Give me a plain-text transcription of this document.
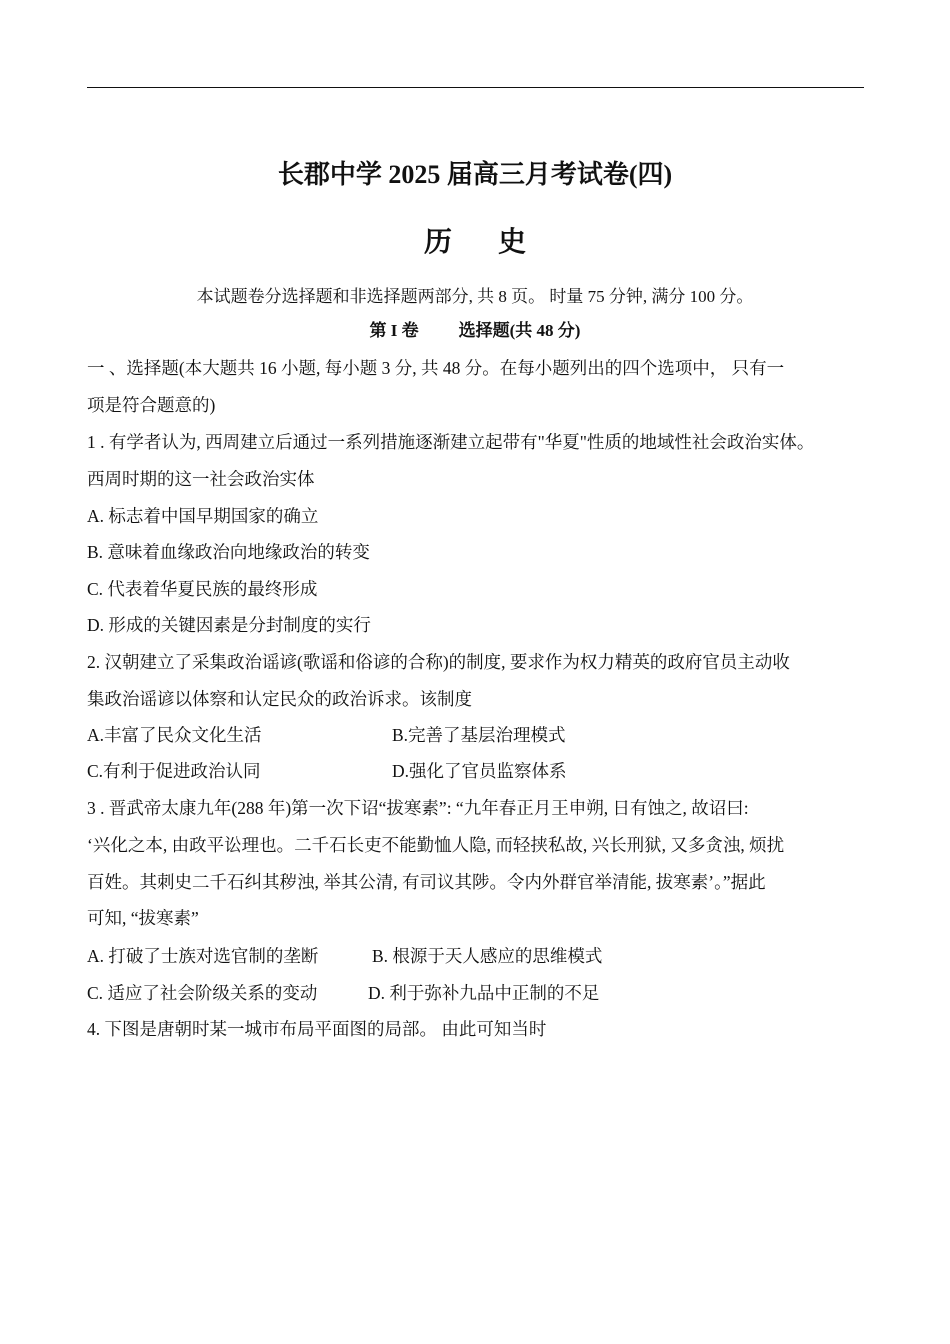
长郡中学 2025 届高三月考试卷(四)
历 史
本试题卷分选择题和非选择题两部分, 共 8 页。 时量 75 分钟, 满分 100 分。
第 I 卷 选择题(共 48 分)
一 、选择题(本大题共 16 小题, 每小题 3 分, 共 48 分。在每小题列出的四个选项中， 只有一
项是符合题意的)
1 . 有学者认为, 西周建立后通过一系列措施逐渐建立起带有"华夏"性质的地域性社会政治实体。
西周时期的这一社会政治实体
A. 标志着中国早期国家的确立
B. 意味着血缘政治向地缘政治的转变
C. 代表着华夏民族的最终形成
D. 形成的关键因素是分封制度的实行
2. 汉朝建立了采集政治谣谚(歌谣和俗谚的合称)的制度, 要求作为权力精英的政府官员主动收
集政治谣谚以体察和认定民众的政治诉求。该制度
A.丰富了民众文化生活	B.完善了基层治理模式
C.有利于促进政治认同	D.强化了官员监察体系
3 . 晋武帝太康九年(288 年)第一次下诏“拔寒素”: “九年春正月王申朔, 日有蚀之, 故诏曰:
‘兴化之本, 由政平讼理也。二千石长吏不能勤恤人隐, 而轻挟私故, 兴长刑狱, 又多贪浊, 烦扰
百姓。其刺史二千石纠其秽浊, 举其公清, 有司议其陟。令内外群官举清能, 拔寒素’。”据此
可知, “拔寒素”
A. 打破了士族对选官制的垄断	B. 根源于天人感应的思维模式
C. 适应了社会阶级关系的变动	D. 利于弥补九品中正制的不足
4. 下图是唐朝时某一城市布局平面图的局部。 由此可知当时
